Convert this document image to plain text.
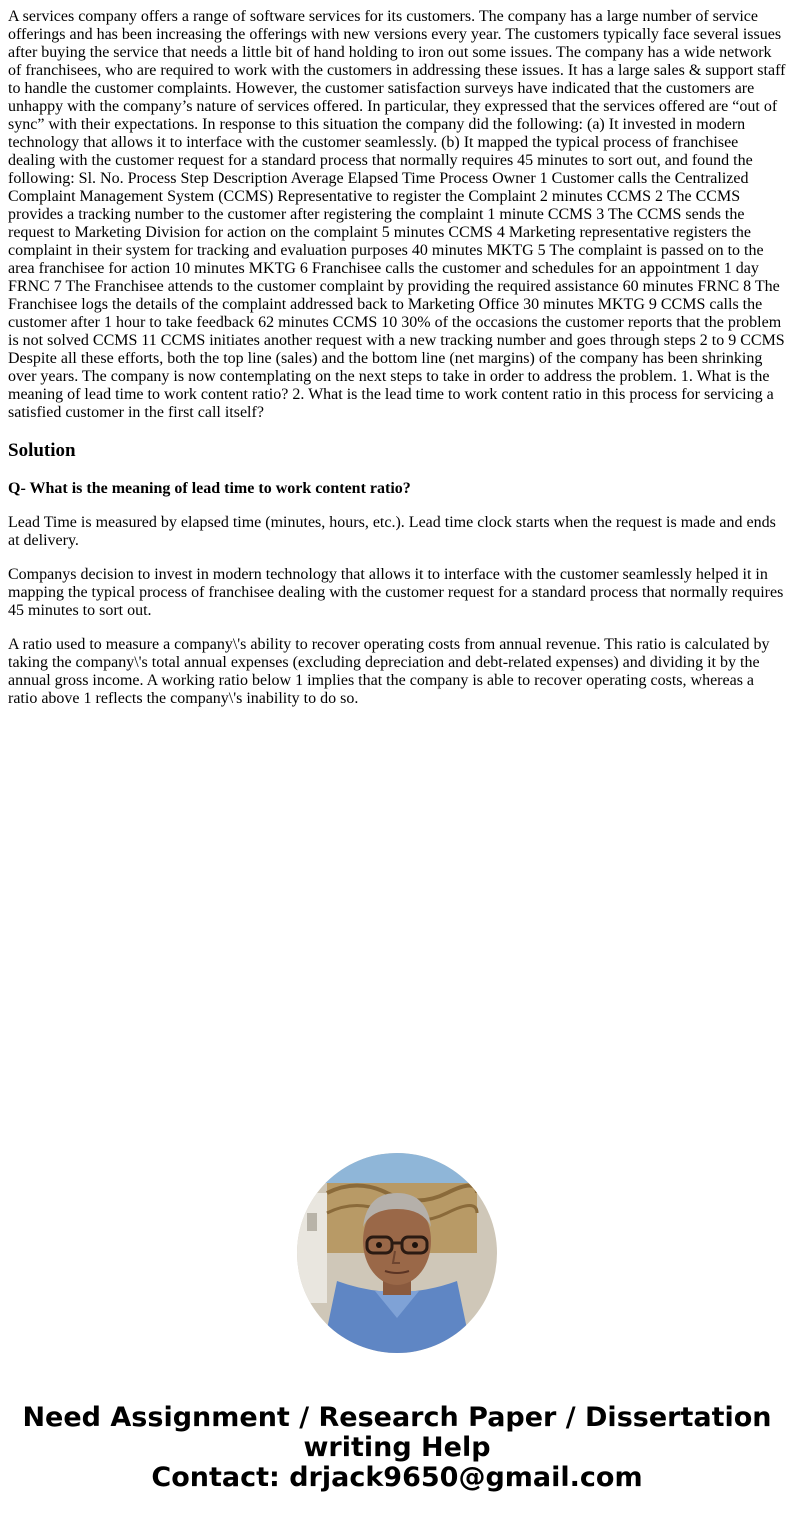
A services company offers a range of software services for its customers. The company has a large number of service offerings and has been increasing the offerings with new versions every year. The customers typically face several issues after buying the service that needs a little bit of hand holding to iron out some issues. The company has a wide network of franchisees, who are required to work with the customers in addressing these issues. It has a large sales & support staff to handle the customer complaints. However, the customer satisfaction surveys have indicated that the customers are unhappy with the company’s nature of services offered. In particular, they expressed that the services offered are “out of sync” with their expectations. In response to this situation the company did the following: (a) It invested in modern technology that allows it to interface with the customer seamlessly. (b) It mapped the typical process of franchisee dealing with the customer request for a standard process that normally requires 45 minutes to sort out, and found the following: Sl. No. Process Step Description Average Elapsed Time Process Owner 1 Customer calls the Centralized Complaint Management System (CCMS) Representative to register the Complaint 2 minutes CCMS 2 The CCMS provides a tracking number to the customer after registering the complaint 1 minute CCMS 3 The CCMS sends the request to Marketing Division for action on the complaint 5 minutes CCMS 4 Marketing representative registers the complaint in their system for tracking and evaluation purposes 40 minutes MKTG 5 The complaint is passed on to the area franchisee for action 10 minutes MKTG 6 Franchisee calls the customer and schedules for an appointment 1 day FRNC 7 The Franchisee attends to the customer complaint by providing the required assistance 60 minutes FRNC 8 The Franchisee logs the details of the complaint addressed back to Marketing Office 30 minutes MKTG 9 CCMS calls the customer after 1 hour to take feedback 62 minutes CCMS 10 30% of the occasions the customer reports that the problem is not solved CCMS 11 CCMS initiates another request with a new tracking number and goes through steps 2 to 9 CCMS Despite all these efforts, both the top line (sales) and the bottom line (net margins) of the company has been shrinking over years. The company is now contemplating on the next steps to take in order to address the problem. 1. What is the meaning of lead time to work content ratio? 2. What is the lead time to work content ratio in this process for servicing a satisfied customer in the first call itself?
Solution
Q- What is the meaning of lead time to work content ratio?

Lead Time is measured by elapsed time (minutes, hours, etc.). Lead time clock starts when the request is made and ends at delivery.

Companys decision to invest in modern technology that allows it to interface with the customer seamlessly helped it in mapping the typical process of franchisee dealing with the customer request for a standard process that normally requires 45 minutes to sort out.

A ratio used to measure a company\'s ability to recover operating costs from annual revenue. This ratio is calculated by taking the company\'s total annual expenses (excluding depreciation and debt-related expenses) and dividing it by the annual gross income. A working ratio below 1 implies that the company is able to recover operating costs, whereas a ratio above 1 reflects the company\'s inability to do so.

Need Assignment / Research Paper / Dissertation
writing Help
Contact: drjack9650@gmail.com
